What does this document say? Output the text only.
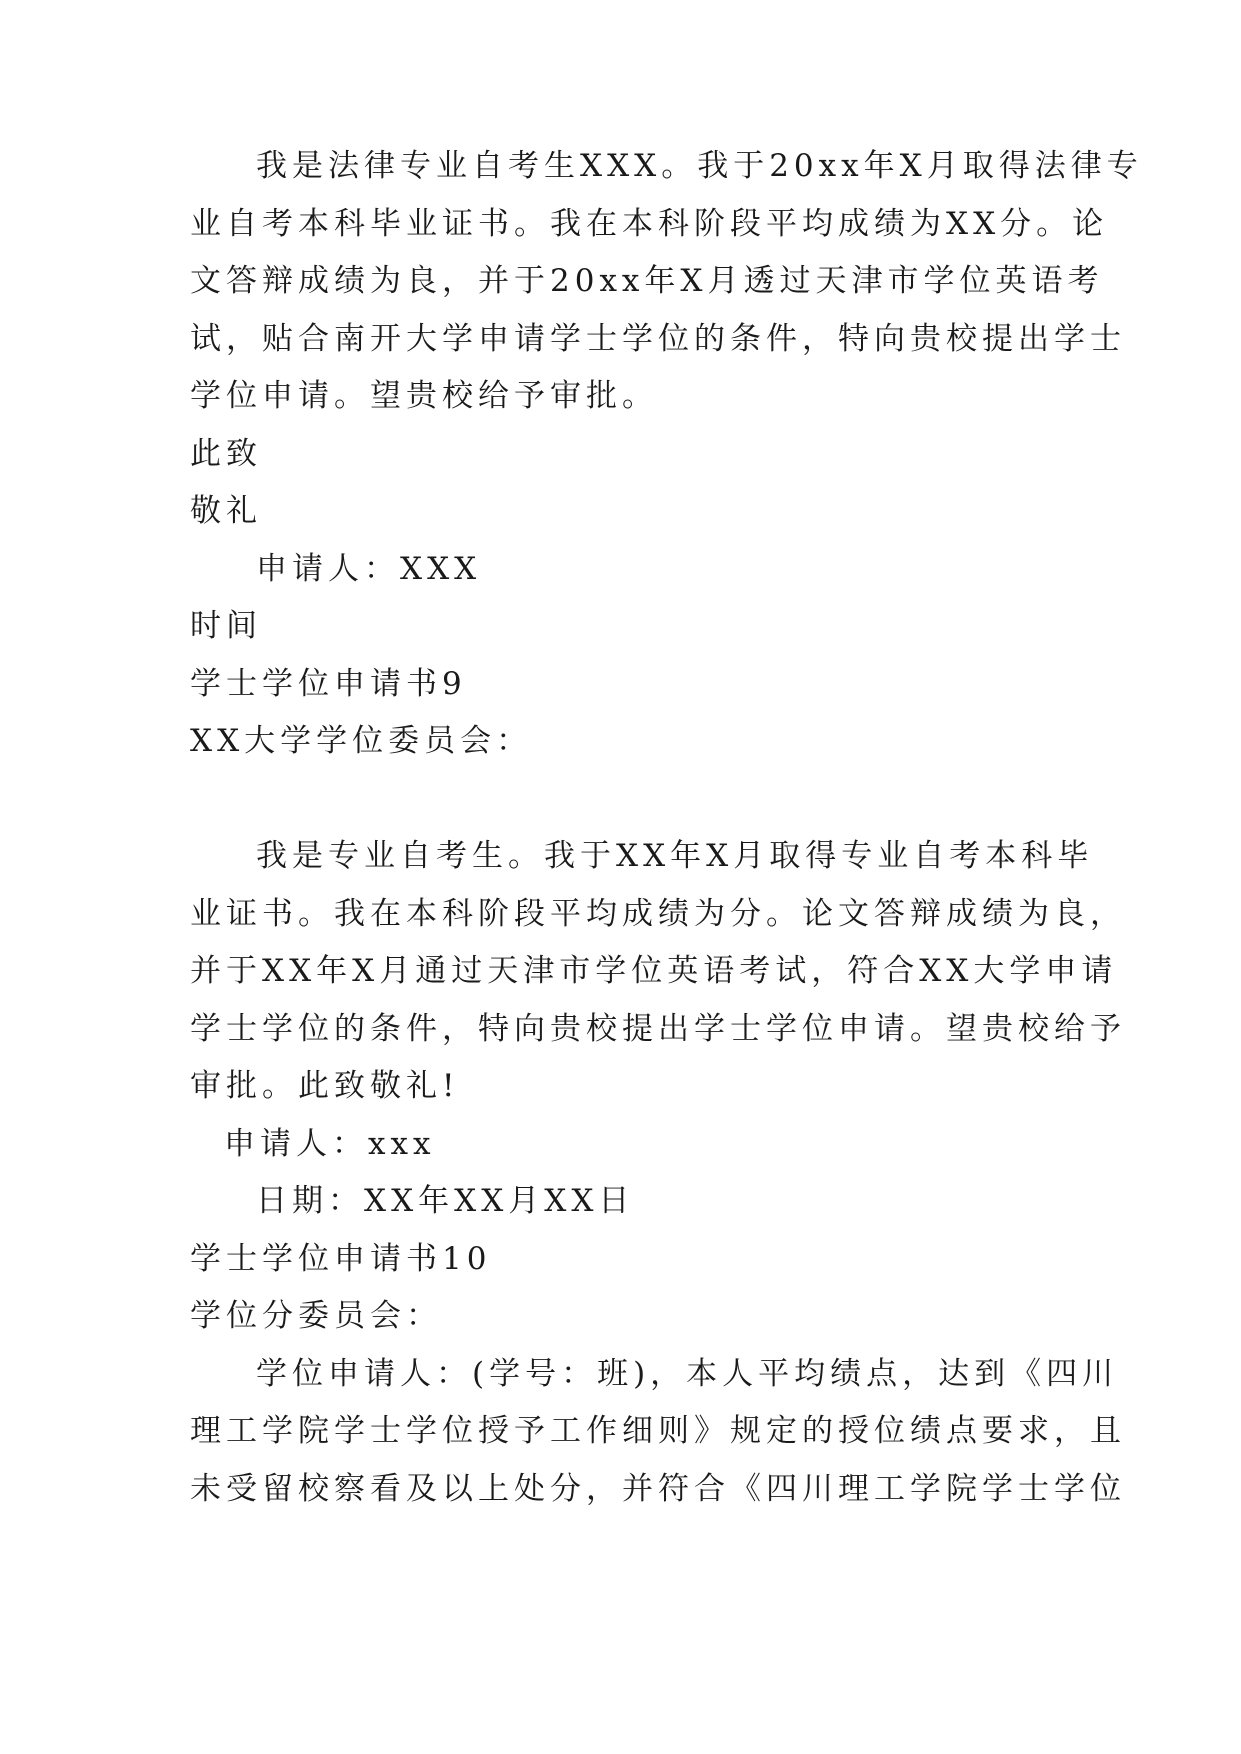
我是法律专业自考生XXX。我于20xx年X月取得法律专

业自考本科毕业证书。我在本科阶段平均成绩为XX分。论

文答辩成绩为良，并于20xx年X月透过天津市学位英语考

试，贴合南开大学申请学士学位的条件，特向贵校提出学士

学位申请。望贵校给予审批。

此致

敬礼

申请人：XXX

时间

学士学位申请书9

XX大学学位委员会：

我是专业自考生。我于XX年X月取得专业自考本科毕

业证书。我在本科阶段平均成绩为分。论文答辩成绩为良，

并于XX年X月通过天津市学位英语考试，符合XX大学申请

学士学位的条件，特向贵校提出学士学位申请。望贵校给予

审批。此致敬礼!

申请人：xxx

日期：XX年XX月XX日

学士学位申请书10

学位分委员会：

学位申请人：(学号：班)，本人平均绩点，达到《四川

理工学院学士学位授予工作细则》规定的授位绩点要求，且

未受留校察看及以上处分，并符合《四川理工学院学士学位
